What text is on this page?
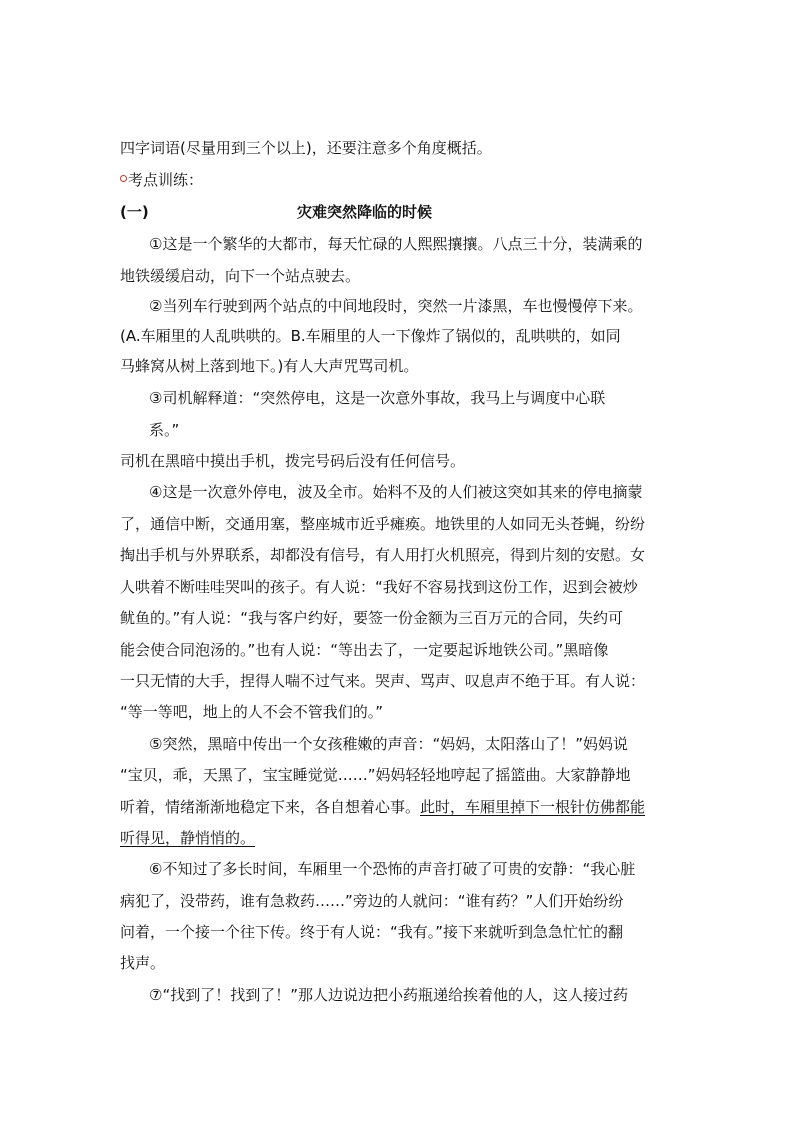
四字词语(尽量用到三个以上)，还要注意多个角度概括。
考点训练：
(一)	灾难突然降临的时候
①这是一个繁华的大都市，每天忙碌的人熙熙攘攘。八点三十分，装满乘的
地铁缓缓启动，向下一个站点驶去。
②当列车行驶到两个站点的中间地段时，突然一片漆黑，车也慢慢停下来。
(A.车厢里的人乱哄哄的。B.车厢里的人一下像炸了锅似的，乱哄哄的，如同
马蜂窝从树上落到地下。)有人大声咒骂司机。
③司机解释道：“突然停电，这是一次意外事故，我马上与调度中心联
系。”
司机在黑暗中摸出手机，拨完号码后没有任何信号。
④这是一次意外停电，波及全市。始料不及的人们被这突如其来的停电摘蒙
了，通信中断，交通用塞，整座城市近乎瘫痪。地铁里的人如同无头苍蝇，纷纷
掏出手机与外界联系，却都没有信号，有人用打火机照亮，得到片刻的安慰。女
人哄着不断哇哇哭叫的孩子。有人说：“我好不容易找到这份工作，迟到会被炒
鱿鱼的。”有人说：“我与客户约好，要签一份金额为三百万元的合同，失约可
能会使合同泡汤的。”也有人说：“等出去了，一定要起诉地铁公司。”黑暗像
一只无情的大手，捏得人喘不过气来。哭声、骂声、叹息声不绝于耳。有人说：
“等一等吧，地上的人不会不管我们的。”
⑤突然，黑暗中传出一个女孩稚嫩的声音：“妈妈，太阳落山了！”妈妈说
“宝贝，乖，天黑了，宝宝睡觉觉……”妈妈轻轻地哼起了摇篮曲。大家静静地
听着，情绪渐渐地稳定下来，各自想着心事。此时，车厢里掉下一根针仿佛都能
听得见，静悄悄的。
⑥不知过了多长时间，车厢里一个恐怖的声音打破了可贵的安静：“我心脏
病犯了，没带药，谁有急救药……”旁边的人就问：“谁有药？”人们开始纷纷
问着，一个接一个往下传。终于有人说：“我有。”接下来就听到急急忙忙的翻
找声。
⑦“找到了！找到了！”那人边说边把小药瓶递给挨着他的人，这人接过药
